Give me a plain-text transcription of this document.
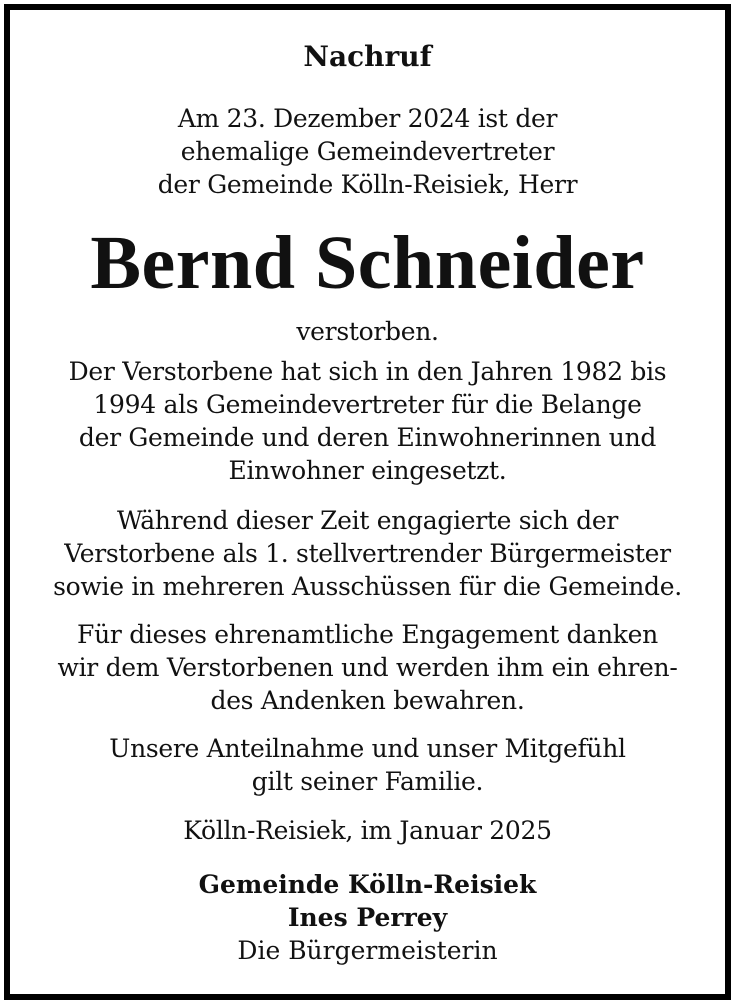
Nachruf

Am 23. Dezember 2024 ist der
ehemalige Gemeindevertreter
der Gemeinde Kölln-Reisiek, Herr

Bernd Schneider

verstorben.

Der Verstorbene hat sich in den Jahren 1982 bis
1994 als Gemeindevertreter für die Belange
der Gemeinde und deren Einwohnerinnen und
Einwohner eingesetzt.

Während dieser Zeit engagierte sich der
Verstorbene als 1. stellvertrender Bürgermeister
sowie in mehreren Ausschüssen für die Gemeinde.

Für dieses ehrenamtliche Engagement danken
wir dem Verstorbenen und werden ihm ein ehren-
des Andenken bewahren.

Unsere Anteilnahme und unser Mitgefühl
gilt seiner Familie.

Kölln-Reisiek, im Januar 2025

Gemeinde Kölln-Reisiek
Ines Perrey
Die Bürgermeisterin
